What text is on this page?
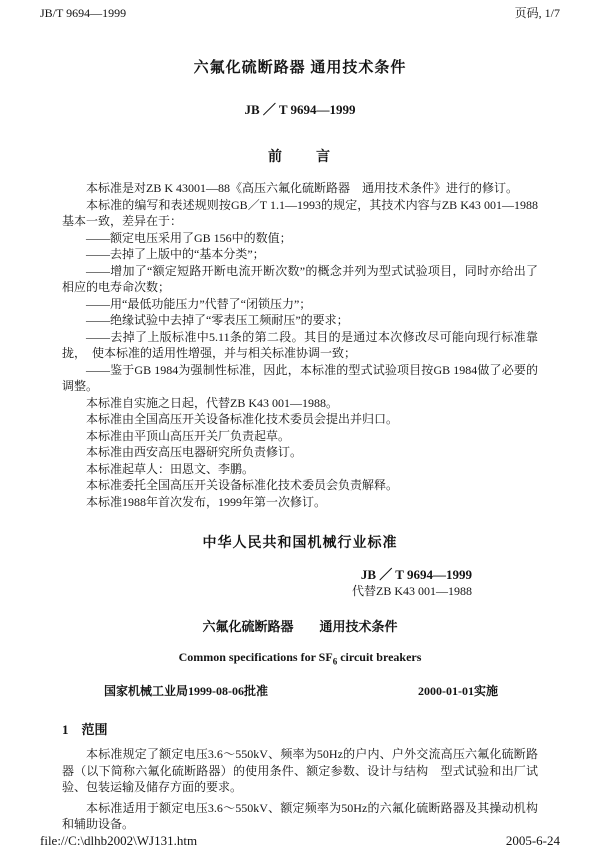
JB/T 9694—1999	页码, 1/7
六氟化硫断路器 通用技术条件
JB ／ T 9694—1999
前　　言

本标准是对ZB K 43001—88《高压六氟化硫断路器　通用技术条件》进行的修订。

本标准的编写和表述规则按GB／T 1.1—1993的规定，其技术内容与ZB K43 001—1988基本一致，差异在于：

——额定电压采用了GB 156中的数值；

——去掉了上版中的“基本分类”；

——增加了“额定短路开断电流开断次数”的概念并列为型式试验项目，同时亦给出了相应的电寿命次数；

——用“最低功能压力”代替了“闭锁压力”；

——绝缘试验中去掉了“零表压工频耐压”的要求；

——去掉了上版标准中5.11条的第二段。其目的是通过本次修改尽可能向现行标准靠拢，　使本标准的适用性增强，并与相关标准协调一致；

——鉴于GB 1984为强制性标准，因此，本标准的型式试验项目按GB 1984做了必要的调整。

本标准自实施之日起，代替ZB K43 001—1988。

本标准由全国高压开关设备标准化技术委员会提出并归口。

本标准由平顶山高压开关厂负责起草。

本标准由西安高压电器研究所负责修订。

本标准起草人：田恩文、李鹏。

本标准委托全国高压开关设备标准化技术委员会负责解释。

本标准1988年首次发布，1999年第一次修订。

中华人民共和国机械行业标准
JB ／ T 9694—1999
代替ZB K43 001—1988
六氟化硫断路器　　通用技术条件
Common specifications for $SF_6$ circuit breakers
国家机械工业局1999-08-06批准	2000-01-01实施
1　范围

本标准规定了额定电压3.6～550kV、频率为50Hz的户内、户外交流高压六氟化硫断路器（以下简称六氟化硫断路器）的使用条件、额定参数、设计与结构　型式试验和出厂试验、包装运输及储存方面的要求。

本标准适用于额定电压3.6～550kV、额定频率为50Hz的六氟化硫断路器及其操动机构和辅助设备。

file://C:\dlhb2002\WJ131.htm	2005-6-24
